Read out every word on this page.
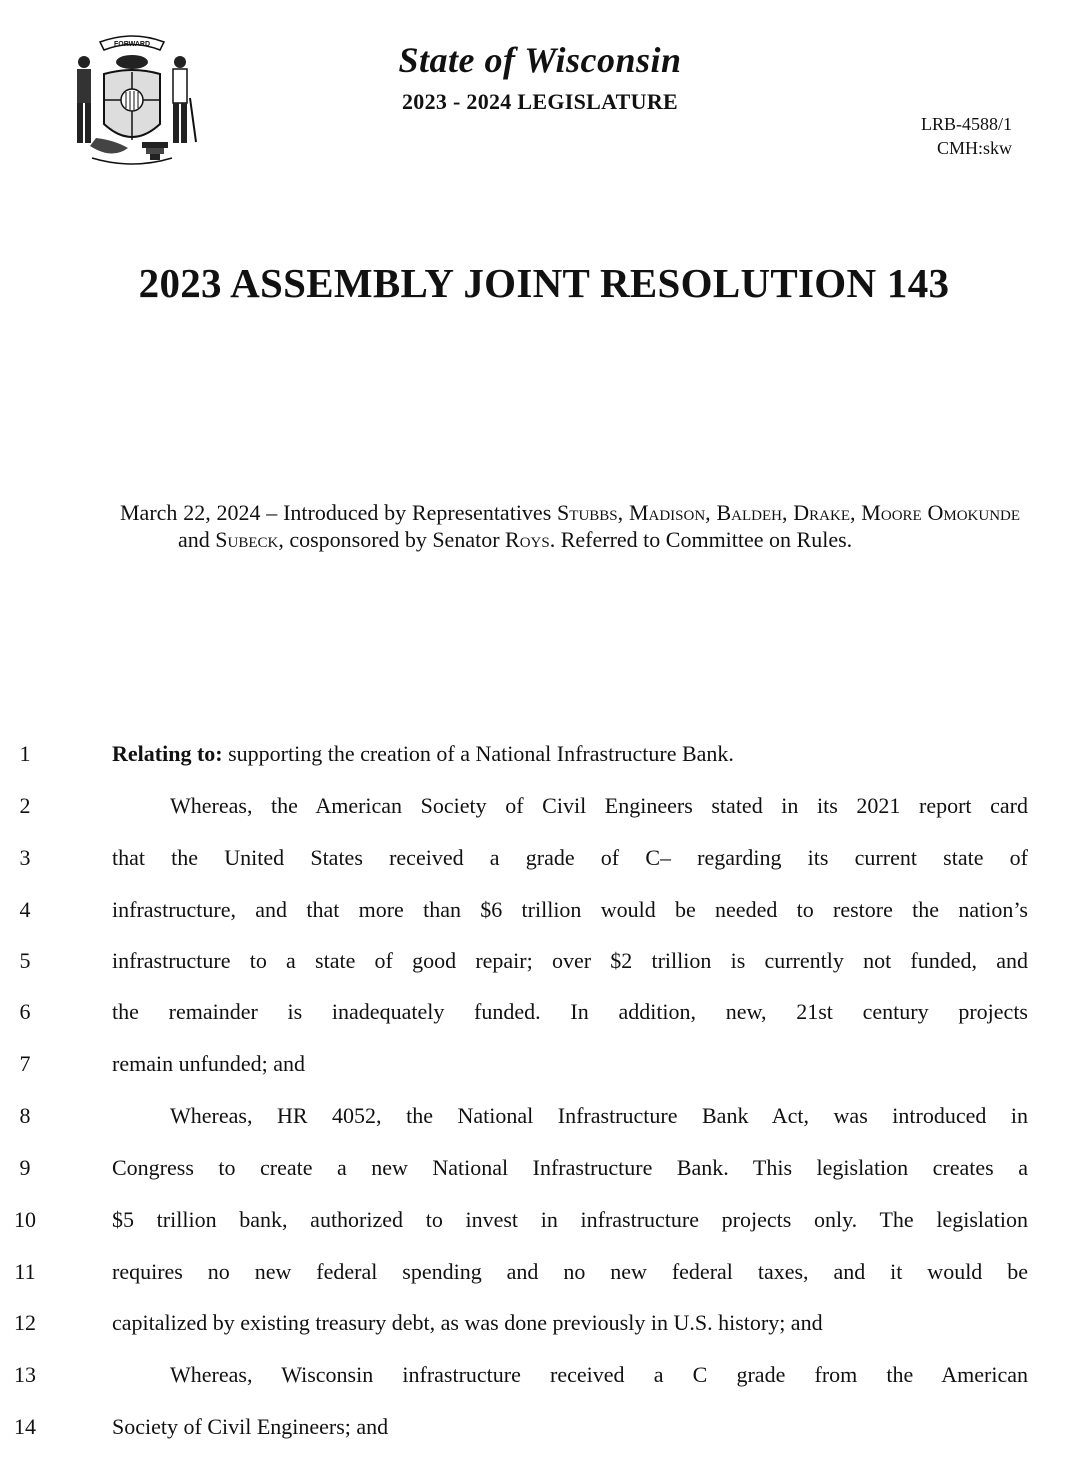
FORWARD	State of Wisconsin
2023 - 2024 LEGISLATURE
LRB-4588/1
CMH:skw
2023 ASSEMBLY JOINT RESOLUTION 143

March 22, 2024 – Introduced by Representatives Stubbs, Madison, Baldeh, Drake, Moore Omokunde and Subeck, cosponsored by Senator Roys. Referred to Committee on Rules.

1	Relating to: supporting the creation of a National Infrastructure Bank.
2	Whereas, the American Society of Civil Engineers stated in its 2021 report card
3	that the United States received a grade of C– regarding its current state of
4	infrastructure, and that more than $6 trillion would be needed to restore the nation’s
5	infrastructure to a state of good repair; over $2 trillion is currently not funded, and
6	the remainder is inadequately funded. In addition, new, 21st century projects
7	remain unfunded; and
8	Whereas, HR 4052, the National Infrastructure Bank Act, was introduced in
9	Congress to create a new National Infrastructure Bank. This legislation creates a
10	$5 trillion bank, authorized to invest in infrastructure projects only. The legislation
11	requires no new federal spending and no new federal taxes, and it would be
12	capitalized by existing treasury debt, as was done previously in U.S. history; and
13	Whereas, Wisconsin infrastructure received a C grade from the American
14	Society of Civil Engineers; and
